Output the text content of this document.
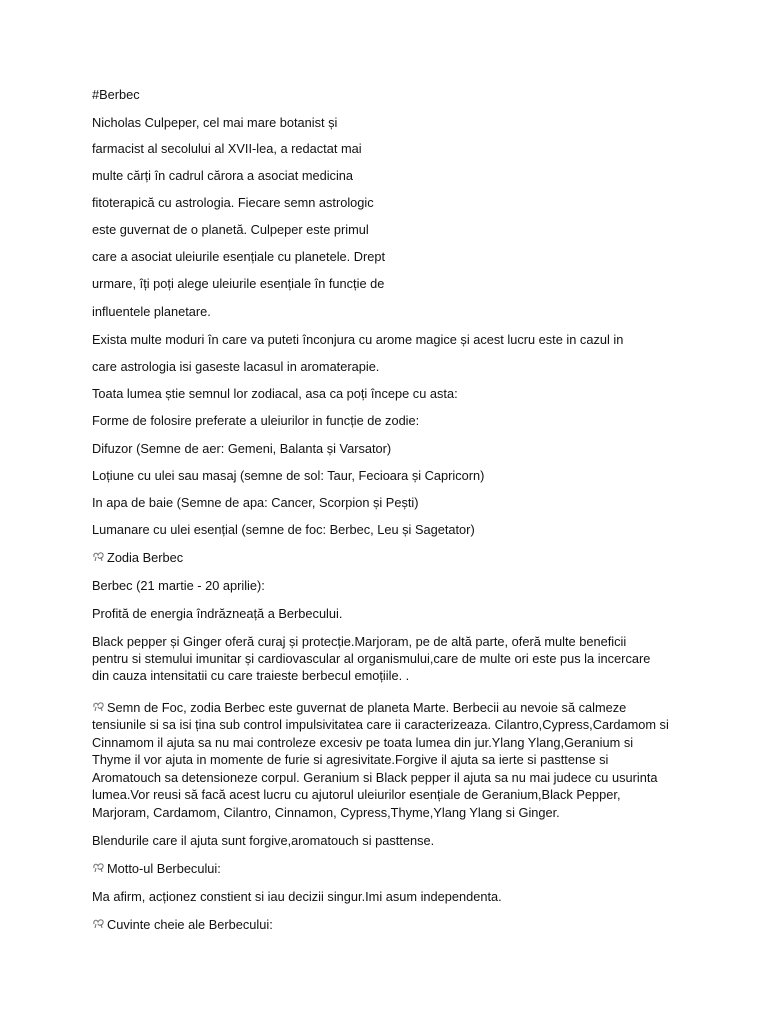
#Berbec

Nicholas Culpeper, cel mai mare botanist și

farmacist al secolului al XVII-lea, a redactat mai

multe cărți în cadrul cărora a asociat medicina

fitoterapică cu astrologia. Fiecare semn astrologic

este guvernat de o planetă. Culpeper este primul

care a asociat uleiurile esențiale cu planetele. Drept

urmare, îți poți alege uleiurile esențiale în funcție de

influentele planetare.

Exista multe moduri în care va puteti înconjura cu arome magice și acest lucru este in cazul in

care astrologia isi gaseste lacasul in aromaterapie.

Toata lumea știe semnul lor zodiacal, asa ca poți începe cu asta:

Forme de folosire preferate a uleiurilor in funcție de zodie:

Difuzor (Semne de aer: Gemeni, Balanta și Varsator)

Loțiune cu ulei sau masaj (semne de sol: Taur, Fecioara și Capricorn)

In apa de baie (Semne de apa: Cancer, Scorpion și Pești)

Lumanare cu ulei esențial (semne de foc: Berbec, Leu și Sagetator)

Zodia Berbec

Berbec (21 martie - 20 aprilie):

Profită de energia îndrăzneață a Berbecului.

Black pepper și Ginger oferă curaj și protecție.Marjoram, pe de altă parte, oferă multe beneficii

pentru si stemului imunitar și cardiovascular al organismului,care de multe ori este pus la incercare

din cauza intensitatii cu care traieste berbecul emoțiile. .

Semn de Foc, zodia Berbec este guvernat de planeta Marte. Berbecii au nevoie să calmeze

tensiunile si sa isi țina sub control impulsivitatea care ii caracterizeaza. Cilantro,Cypress,Cardamom si

Cinnamom il ajuta sa nu mai controleze excesiv pe toata lumea din jur.Ylang Ylang,Geranium si

Thyme il vor ajuta in momente de furie si agresivitate.Forgive il ajuta sa ierte si pasttense si

Aromatouch sa detensioneze corpul. Geranium si Black pepper il ajuta sa nu mai judece cu usurinta

lumea.Vor reusi să facă acest lucru cu ajutorul uleiurilor esențiale de Geranium,Black Pepper,

Marjoram, Cardamom, Cilantro, Cinnamon, Cypress,Thyme,Ylang Ylang si Ginger.

Blendurile care il ajuta sunt forgive,aromatouch si pasttense.

Motto-ul Berbecului:

Ma afirm, acționez constient si iau decizii singur.Imi asum independenta.

Cuvinte cheie ale Berbecului:
